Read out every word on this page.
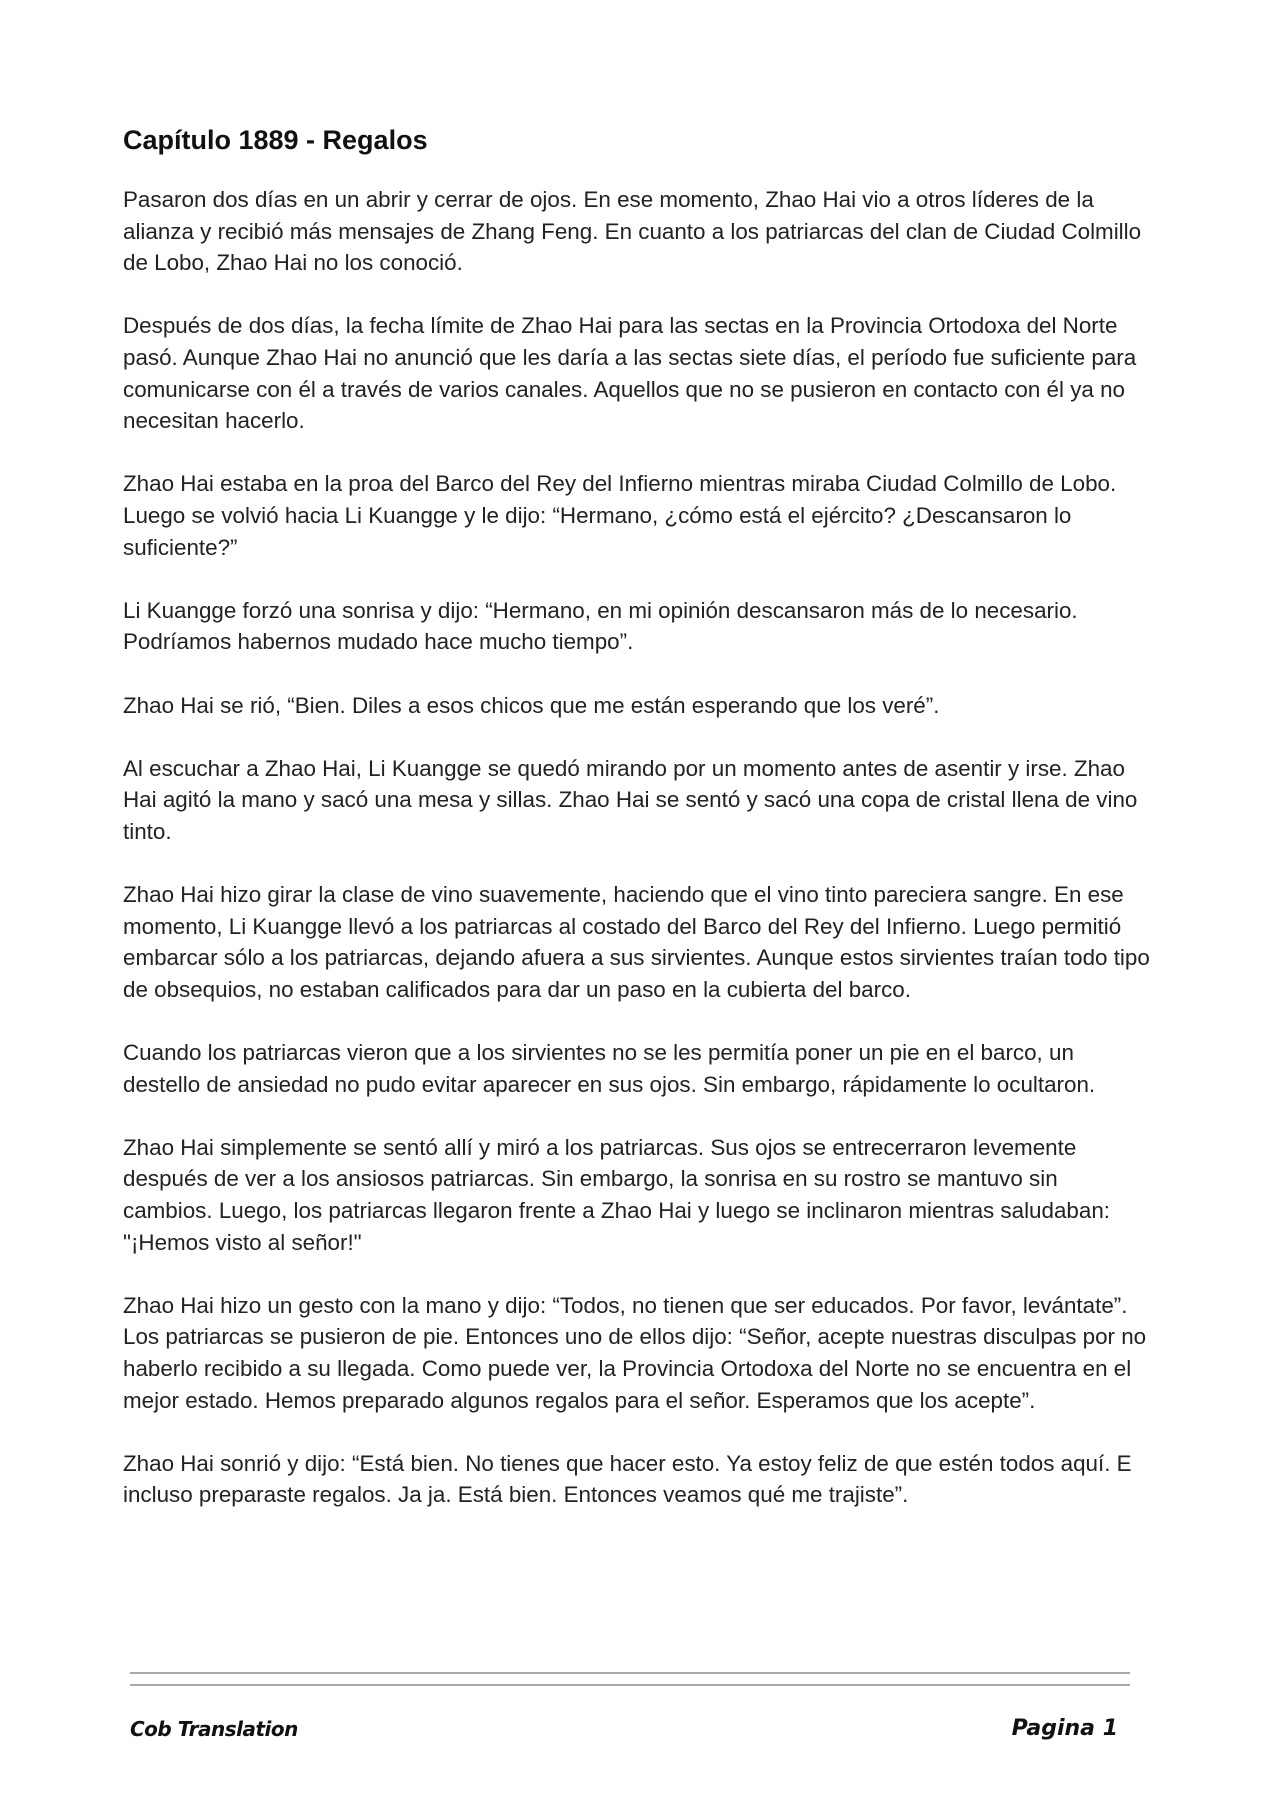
Capítulo 1889 - Regalos

Pasaron dos días en un abrir y cerrar de ojos. En ese momento, Zhao Hai vio a otros líderes de la alianza y recibió más mensajes de Zhang Feng. En cuanto a los patriarcas del clan de Ciudad Colmillo de Lobo, Zhao Hai no los conoció.

Después de dos días, la fecha límite de Zhao Hai para las sectas en la Provincia Ortodoxa del Norte pasó. Aunque Zhao Hai no anunció que les daría a las sectas siete días, el período fue suficiente para comunicarse con él a través de varios canales. Aquellos que no se pusieron en contacto con él ya no necesitan hacerlo.

Zhao Hai estaba en la proa del Barco del Rey del Infierno mientras miraba Ciudad Colmillo de Lobo. Luego se volvió hacia Li Kuangge y le dijo: “Hermano, ¿cómo está el ejército? ¿Descansaron lo suficiente?”

Li Kuangge forzó una sonrisa y dijo: “Hermano, en mi opinión descansaron más de lo necesario. Podríamos habernos mudado hace mucho tiempo”.

Zhao Hai se rió, “Bien. Diles a esos chicos que me están esperando que los veré”.

Al escuchar a Zhao Hai, Li Kuangge se quedó mirando por un momento antes de asentir y irse. Zhao Hai agitó la mano y sacó una mesa y sillas. Zhao Hai se sentó y sacó una copa de cristal llena de vino tinto.

Zhao Hai hizo girar la clase de vino suavemente, haciendo que el vino tinto pareciera sangre. En ese momento, Li Kuangge llevó a los patriarcas al costado del Barco del Rey del Infierno. Luego permitió embarcar sólo a los patriarcas, dejando afuera a sus sirvientes. Aunque estos sirvientes traían todo tipo de obsequios, no estaban calificados para dar un paso en la cubierta del barco.

Cuando los patriarcas vieron que a los sirvientes no se les permitía poner un pie en el barco, un destello de ansiedad no pudo evitar aparecer en sus ojos. Sin embargo, rápidamente lo ocultaron.

Zhao Hai simplemente se sentó allí y miró a los patriarcas. Sus ojos se entrecerraron levemente después de ver a los ansiosos patriarcas. Sin embargo, la sonrisa en su rostro se mantuvo sin cambios. Luego, los patriarcas llegaron frente a Zhao Hai y luego se inclinaron mientras saludaban: "¡Hemos visto al señor!"

Zhao Hai hizo un gesto con la mano y dijo: “Todos, no tienen que ser educados. Por favor, levántate”. Los patriarcas se pusieron de pie. Entonces uno de ellos dijo: “Señor, acepte nuestras disculpas por no haberlo recibido a su llegada. Como puede ver, la Provincia Ortodoxa del Norte no se encuentra en el mejor estado. Hemos preparado algunos regalos para el señor. Esperamos que los acepte”.

Zhao Hai sonrió y dijo: “Está bien. No tienes que hacer esto. Ya estoy feliz de que estén todos aquí. E incluso preparaste regalos. Ja ja. Está bien. Entonces veamos qué me trajiste”.

Cob Translation	Pagina 1
